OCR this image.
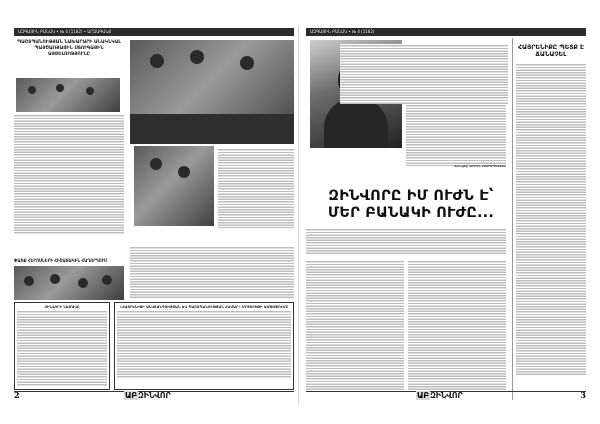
ԱԶԳԱՅԻՆ ԲԱՆԱԿ • № 4 (1182) • ԱՐՁԱԳԱՆՔ
ՊԱՇՏՊԱՆՈՒԹՅԱՆ ՆԱԽԱՐԱՐԻ ԱՆԱԿՆԿԱԼ ՊԱՅԾԱՌՅԱՑԻՆ ՍՏՈՒԳԱՅԻՆ ԱՅՑԵԼՈՒԹՅՈՒՆԸ
ՓԱՌՔ ՀԵՐՈՍՆԵՐԻ ՀԻՇԱՏԱԿԻՆ ՀԱՂՈՐԴՈՒՄ
ԶԻՆՎՈՐԻ ՆԱՄԱԿԸ	«ՀԱՅՐԵՆԻՔԻ ԱՆՎՏԱՆԳՈՒԹՅԱՆ ԵՎ ՊԱՇՏՊԱՆՈՒԹՅԱՆ ՀԱՄԱՐ» ՄՐՑՈՒՅԹԻ ԱՄՓՈՓՈՒՄԸ
2	ԱԲԶԻՆՎՈՐ
ԱԶԳԱՅԻՆ ԲԱՆԱԿ • № 4 (1182)
Զրուցեց՝ ԱՐՄԵՆ ՀԱՅՐԱՊԵՏՅԱՆ
ԶԻՆՎՈՐԸ ԻՄ ՈՒԺՆ Է՝
ՄԵՐ ԲԱՆԱԿԻ ՈՒԺԸ...
ՀԱՅՐԵՆԻՔԸ ՊԵՏՔ Է ՃԱՆԱՉԵԼ
3
ԱԲԶԻՆՎՈՐ
